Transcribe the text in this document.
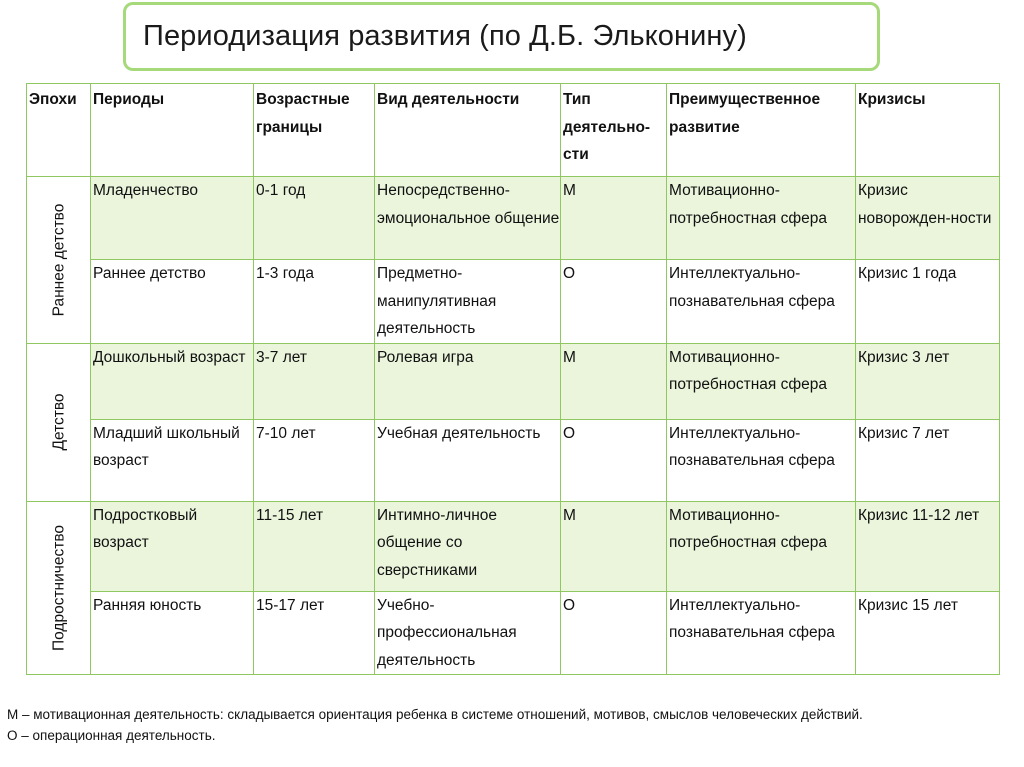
Периодизация развития (по Д.Б. Эльконину)
Эпохи	Периоды	Возрастные границы	Вид деятельности	Тип деятельно-сти	Преимущественное развитие	Кризисы

Раннее детство	Младенчество	0-1 год	Непосредственно-эмоциональное общение	М	Мотивационно-потребностная сфера	Кризис новорожден-ности
	Раннее детство	1-3 года	Предметно-манипулятивная деятельность	О	Интеллектуально-познавательная сфера	Кризис 1 года

Детство	Дошкольный возраст	3-7 лет	Ролевая игра	М	Мотивационно-потребностная сфера	Кризис 3 лет
	Младший школьный возраст	7-10 лет	Учебная деятельность	О	Интеллектуально-познавательная сфера	Кризис 7 лет

Подростничество	Подростковый возраст	11-15 лет	Интимно-личное общение со сверстниками	М	Мотивационно-потребностная сфера	Кризис 11-12 лет
	Ранняя юность	15-17 лет	Учебно-профессиональная деятельность	О	Интеллектуально-познавательная сфера	Кризис 15 лет
М – мотивационная деятельность: складывается ориентация ребенка в системе отношений, мотивов, смыслов человеческих действий.
О – операционная деятельность.
